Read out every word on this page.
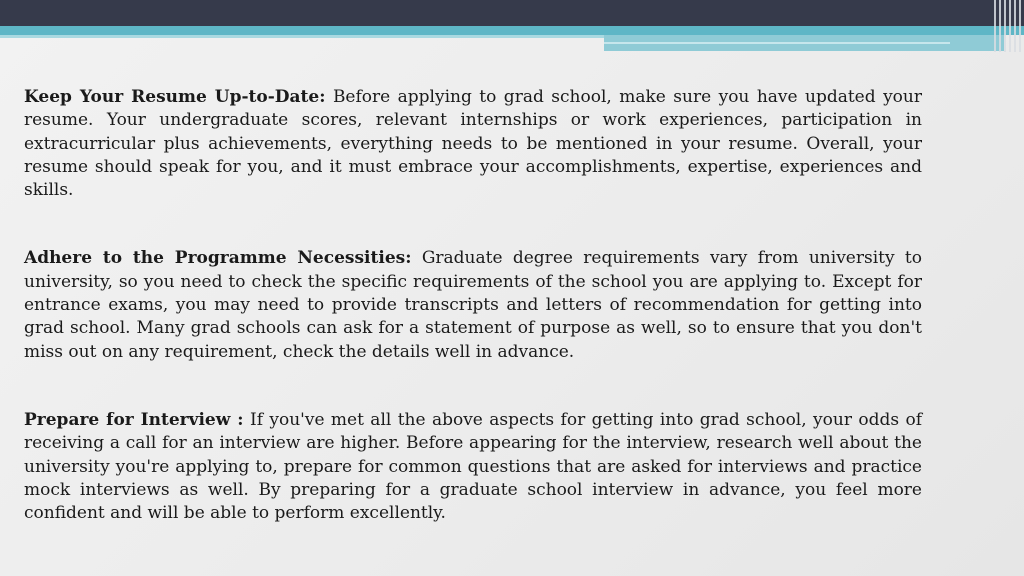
Keep Your Resume Up-to-Date: Before applying to grad school, make sure you have updated your resume. Your undergraduate scores, relevant internships or work experiences, participation in extracurricular plus achievements, everything needs to be mentioned in your resume. Overall, your resume should speak for you, and it must embrace your accomplishments, expertise, experiences and skills.

Adhere to the Programme Necessities: Graduate degree requirements vary from university to university, so you need to check the specific requirements of the school you are applying to. Except for entrance exams, you may need to provide transcripts and letters of recommendation for getting into grad school. Many grad schools can ask for a statement of purpose as well, so to ensure that you don't miss out on any requirement, check the details well in advance.

Prepare for Interview : If you've met all the above aspects for getting into grad school, your odds of receiving a call for an interview are higher. Before appearing for the interview, research well about the university you're applying to, prepare for common questions that are asked for interviews and practice mock interviews as well. By preparing for a graduate school interview in advance, you feel more confident and will be able to perform excellently.
